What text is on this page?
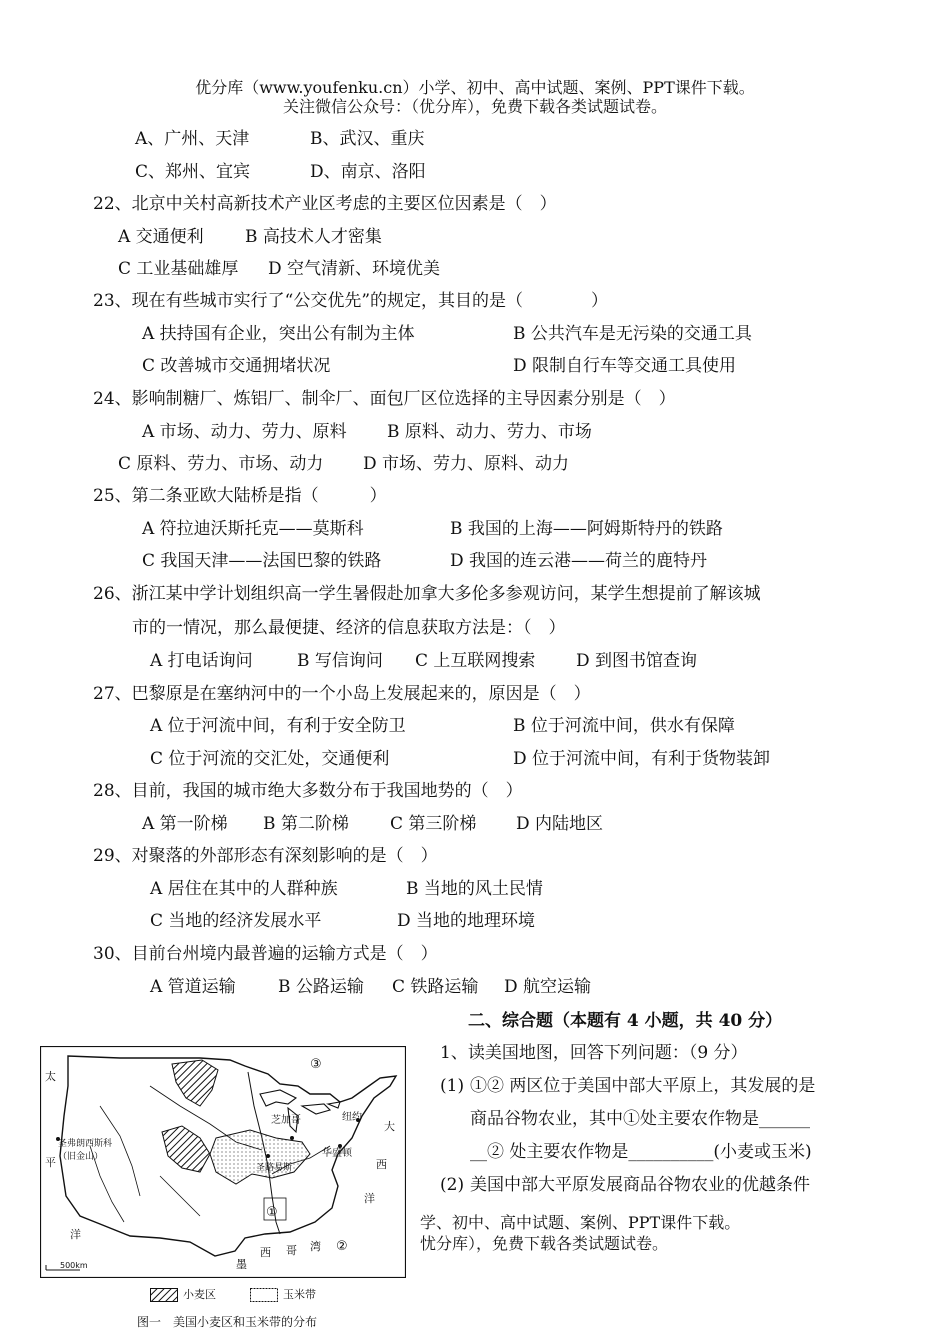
优分库（www.youfenku.cn）小学、初中、高中试题、案例、PPT课件下载。
关注微信公众号：（优分库），免费下载各类试题试卷。
A、广州、天津	B、武汉、重庆
C、郑州、宜宾	D、南京、洛阳
22、北京中关村高新技术产业区考虑的主要区位因素是（　）
A 交通便利 B 高技术人才密集
C 工业基础雄厚 D 空气清新、环境优美
23、现在有些城市实行了“公交优先”的规定，其目的是（　　　　）
A 扶持国有企业，突出公有制为主体	B 公共汽车是无污染的交通工具
C 改善城市交通拥堵状况	D 限制自行车等交通工具使用
24、影响制糖厂、炼铝厂、制伞厂、面包厂区位选择的主导因素分别是（　）
A 市场、动力、劳力、原料 B 原料、动力、劳力、市场
C 原料、劳力、市场、动力 D 市场、劳力、原料、动力
25、第二条亚欧大陆桥是指（　　　）
A 符拉迪沃斯托克——莫斯科	B 我国的上海——阿姆斯特丹的铁路
C 我国天津——法国巴黎的铁路	D 我国的连云港——荷兰的鹿特丹
26、浙江某中学计划组织高一学生暑假赴加拿大多伦多参观访问，某学生想提前了解该城
市的一情况，那么最便捷、经济的信息获取方法是：（　）
A 打电话询问	B 写信询问 C 上互联网搜索 D 到图书馆查询
27、巴黎原是在塞纳河中的一个小岛上发展起来的，原因是（　）
A 位于河流中间，有利于安全防卫	B 位于河流中间，供水有保障
C 位于河流的交汇处，交通便利	D 位于河流中间，有利于货物装卸
28、目前，我国的城市绝大多数分布于我国地势的（　）
A 第一阶梯 B 第二阶梯 C 第三阶梯 D 内陆地区
29、对聚落的外部形态有深刻影响的是（　）
A 居住在其中的人群种族	B 当地的风土民情
C 当地的经济发展水平	D 当地的地理环境
30、目前台州境内最普遍的运输方式是（　）
A 管道运输 B 公路运输 C 铁路运输 D 航空运输
二、综合题（本题有 4 小题，共 40 分）
1、读美国地图，回答下列问题：（9 分）
(1) ①② 两区位于美国中部大平原上，其发展的是
商品谷物农业，其中①处主要农作物是______
__② 处主要农作物是__________(小麦或玉米)
(2) 美国中部大平原发展商品谷物农业的优越条件
学、初中、高中试题、案例、PPT课件下载。
忧分库），免费下载各类试题试卷。
太
平
洋
圣弗朗西斯科
（旧金山）
芝加哥
圣路易斯
纽约
华盛顿
大
西
洋
墨
西 哥 湾
①
②
③
500km
小麦区	玉米带
图一　美国小麦区和玉米带的分布
